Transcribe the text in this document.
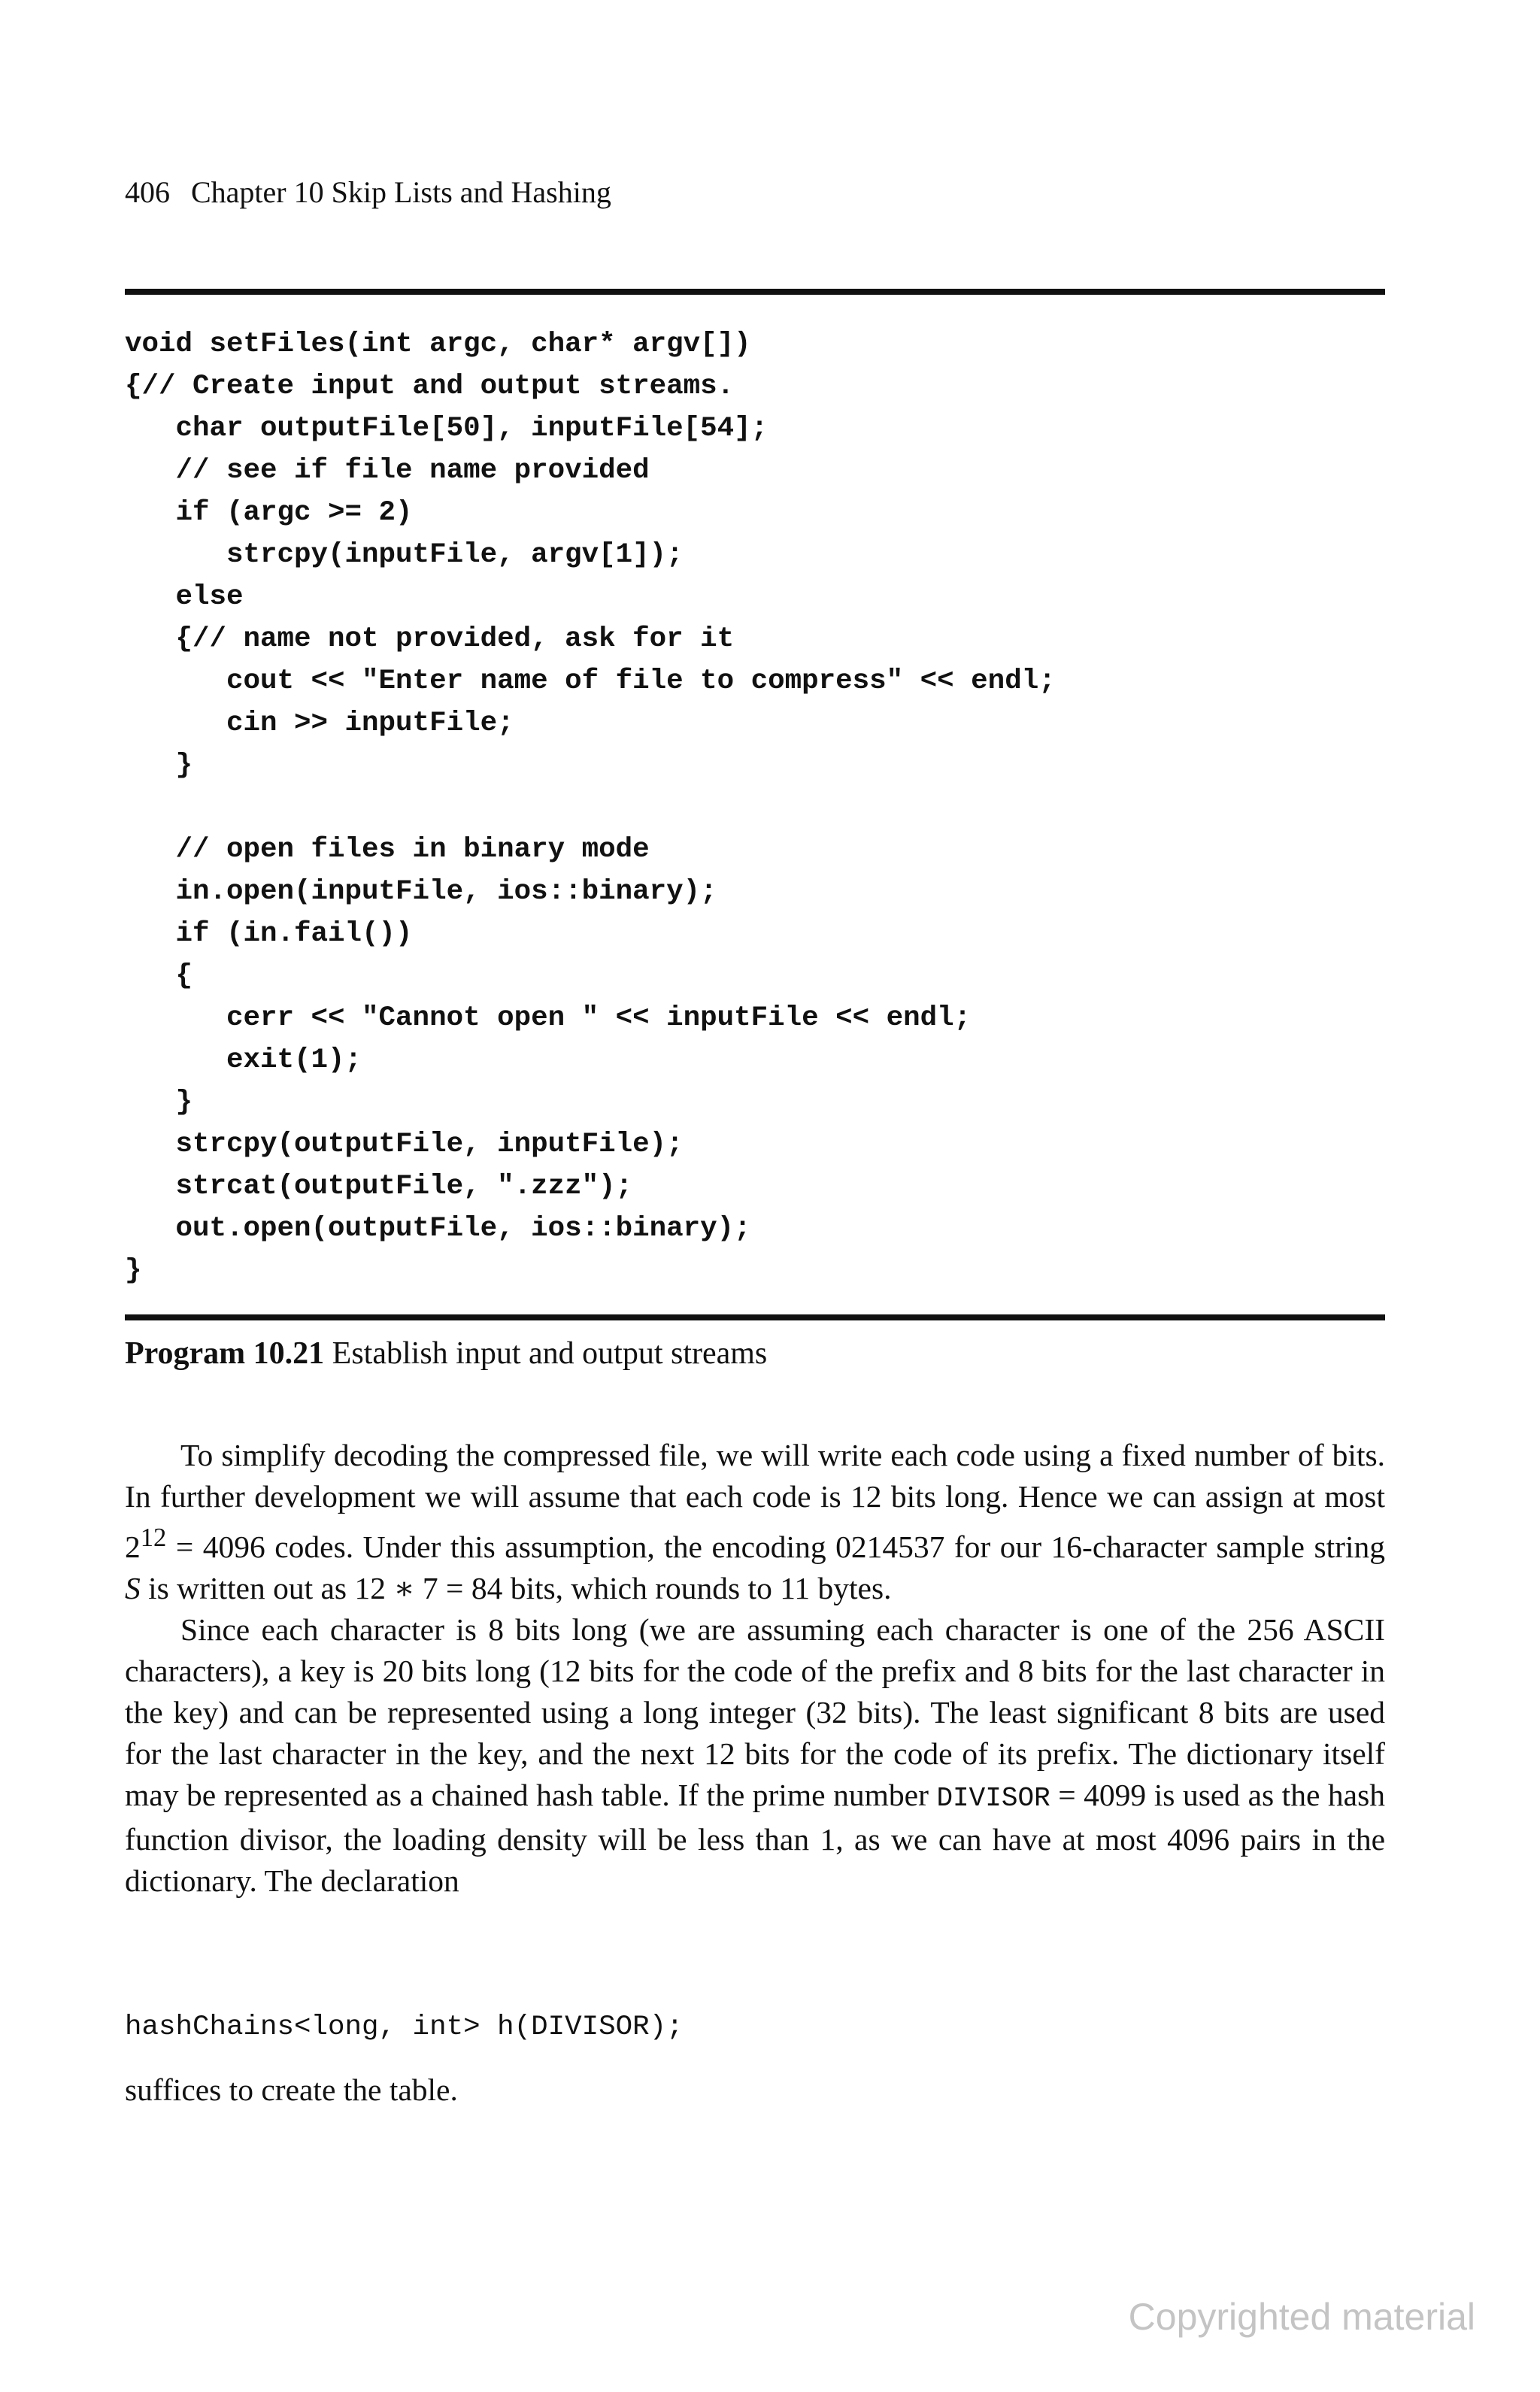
406 Chapter 10 Skip Lists and Hashing
void setFiles(int argc, char* argv[])
{// Create input and output streams.
char outputFile[50], inputFile[54];
// see if file name provided
if (argc >= 2)
strcpy(inputFile, argv[1]);
else
{// name not provided, ask for it
cout << "Enter name of file to compress" << endl;
cin >> inputFile;
}
// open files in binary mode
in.open(inputFile, ios::binary);
if (in.fail())
{
cerr << "Cannot open " << inputFile << endl;
exit(1);
}
strcpy(outputFile, inputFile);
strcat(outputFile, ".zzz");
out.open(outputFile, ios::binary);
}
Program 10.21 Establish input and output streams

To simplify decoding the compressed file, we will write each code using a fixed number of bits. In further development we will assume that each code is 12 bits long. Hence we can assign at most $2^{12} = 4096$ codes. Under this assumption, the encoding 0214537 for our 16-character sample string S is written out as 12 ∗ 7 = 84 bits, which rounds to 11 bytes.

Since each character is 8 bits long (we are assuming each character is one of the 256 ASCII characters), a key is 20 bits long (12 bits for the code of the prefix and 8 bits for the last character in the key) and can be represented using a long integer (32 bits). The least significant 8 bits are used for the last character in the key, and the next 12 bits for the code of its prefix. The dictionary itself may be represented as a chained hash table. If the prime number DIVISOR = 4099 is used as the hash function divisor, the loading density will be less than 1, as we can have at most 4096 pairs in the dictionary. The declaration

hashChains<long, int> h(DIVISOR);
suffices to create the table.
Copyrighted material
